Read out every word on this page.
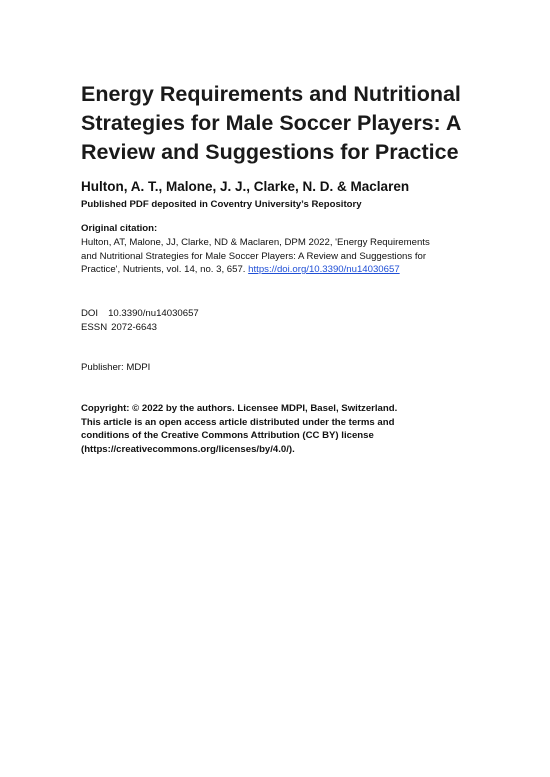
Energy Requirements and Nutritional
Strategies for Male Soccer Players: A
Review and Suggestions for Practice

Hulton, A. T., Malone, J. J., Clarke, N. D. & Maclaren

Published PDF deposited in Coventry University’s Repository

Original citation:

Hulton, AT, Malone, JJ, Clarke, ND & Maclaren, DPM 2022, 'Energy Requirements
and Nutritional Strategies for Male Soccer Players: A Review and Suggestions for
Practice', Nutrients, vol. 14, no. 3, 657. https://doi.org/10.3390/nu14030657

DOI 10.3390/nu14030657
ESSN 2072-6643

Publisher: MDPI

Copyright: © 2022 by the authors. Licensee MDPI, Basel, Switzerland.
This article is an open access article distributed under the terms and
conditions of the Creative Commons Attribution (CC BY) license
(https://creativecommons.org/licenses/by/4.0/).
